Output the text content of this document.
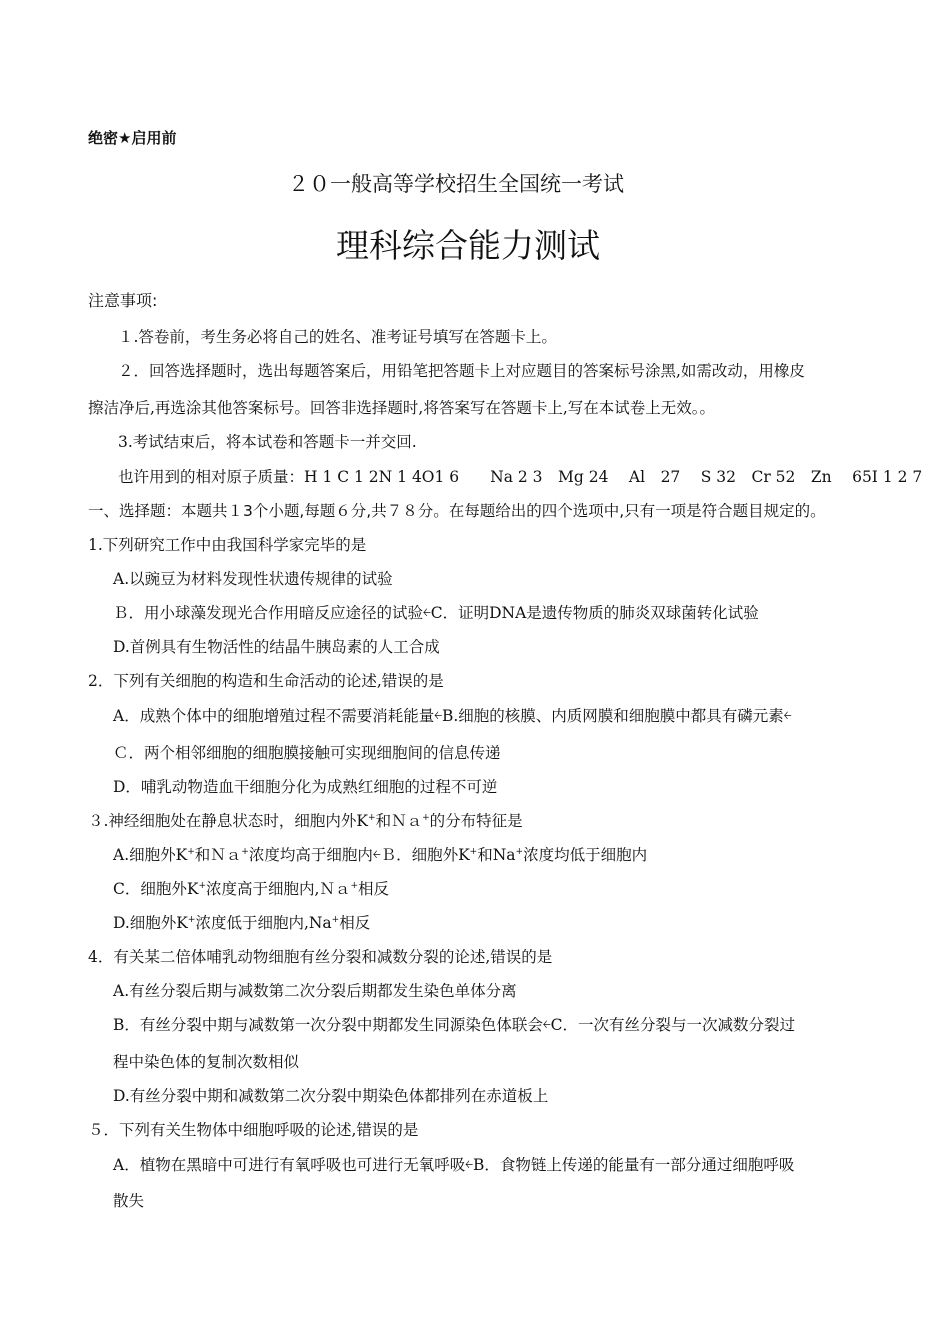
绝密★启用前
２０一般高等学校招生全国统一考试
理科综合能力测试
注意事项:
１.答卷前，考生务必将自己的姓名、准考证号填写在答题卡上。
２．回答选择题时，选出每题答案后，用铅笔把答题卡上对应题目的答案标号涂黑,如需改动，用橡皮
擦洁净后,再选涂其他答案标号。回答非选择题时,将答案写在答题卡上,写在本试卷上无效。。
3.考试结束后，将本试卷和答题卡一并交回.
也许用到的相对原子质量：H 1 C 1 2N 1 4O1 6　　Na 2 3　Mg 24　 Al　27　 S 32　Cr 52　Zn　 65I 1 2 7
一、选择题：本题共１3个小题,每题６分,共７８分。在每题给出的四个选项中,只有一项是符合题目规定的。
1.下列研究工作中由我国科学家完毕的是
A.以豌豆为材料发现性状遗传规律的试验
Ｂ．用小球藻发现光合作用暗反应途径的试验￩C．证明DNA是遗传物质的肺炎双球菌转化试验
D.首例具有生物活性的结晶牛胰岛素的人工合成
2．下列有关细胞的构造和生命活动的论述,错误的是
A．成熟个体中的细胞增殖过程不需要消耗能量￩B.细胞的核膜、内质网膜和细胞膜中都具有磷元素￩
Ｃ．两个相邻细胞的细胞膜接触可实现细胞间的信息传递
D．哺乳动物造血干细胞分化为成熟红细胞的过程不可逆
３.神经细胞处在静息状态时，细胞内外K+和Ｎａ+的分布特征是
A.细胞外K+和Ｎａ+浓度均高于细胞内￩Ｂ．细胞外K+和Na+浓度均低于细胞内
C．细胞外K+浓度高于细胞内,Ｎａ+相反
D.细胞外K+浓度低于细胞内,Na+相反
4．有关某二倍体哺乳动物细胞有丝分裂和减数分裂的论述,错误的是
A.有丝分裂后期与减数第二次分裂后期都发生染色单体分离
B．有丝分裂中期与减数第一次分裂中期都发生同源染色体联会￩C．一次有丝分裂与一次减数分裂过
程中染色体的复制次数相似
D.有丝分裂中期和减数第二次分裂中期染色体都排列在赤道板上
５．下列有关生物体中细胞呼吸的论述,错误的是
A．植物在黑暗中可进行有氧呼吸也可进行无氧呼吸￩B．食物链上传递的能量有一部分通过细胞呼吸
散失
